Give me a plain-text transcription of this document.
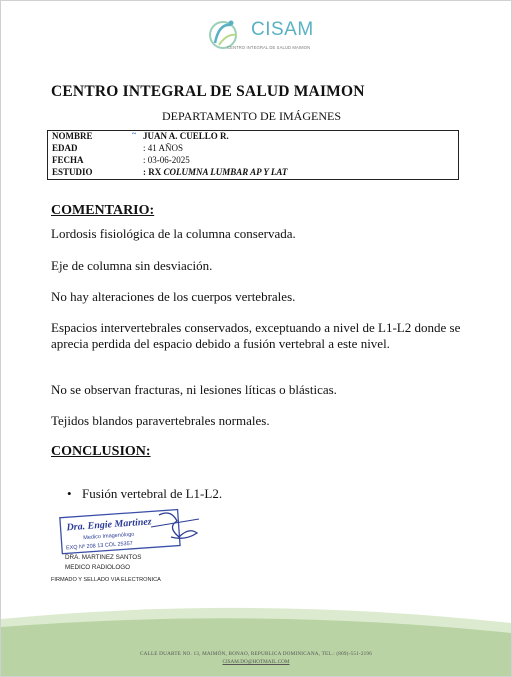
CISAM
CENTRO INTEGRAL DE SALUD MAIMON
CENTRO INTEGRAL DE SALUD MAIMON
DEPARTAMENTO DE IMÁGENES
NOMBRE	~ JUAN A. CUELLO R.
EDAD	: 41 AÑOS
FECHA	: 03-06-2025
ESTUDIO	: RX COLUMNA LUMBAR AP Y LAT
COMENTARIO:
Lordosis fisiológica de la columna conservada.
Eje de columna sin desviación.
No hay alteraciones de los cuerpos vertebrales.
Espacios intervertebrales conservados, exceptuando a nivel de L1-L2 donde se aprecia perdida del espacio debido a fusión vertebral a este nivel.
No se observan fracturas, ni lesiones líticas o blásticas.
Tejidos blandos paravertebrales normales.
CONCLUSION:
• Fusión vertebral de L1-L2.
Dra. Engie Martinez
Medico Imagenólogo
EXQ Nº 208 13 COL 25357
DRA. MARTINEZ SANTOS
MEDICO RADIOLOGO
FIRMADO Y SELLADO VIA ELECTRONICA
CALLE DUARTE NO. 13, MAIMÓN, BONAO, REPUBLICA DOMINICANA, TEL.: (809)-551-2196
CISAM.DO@HOTMAIL.COM
